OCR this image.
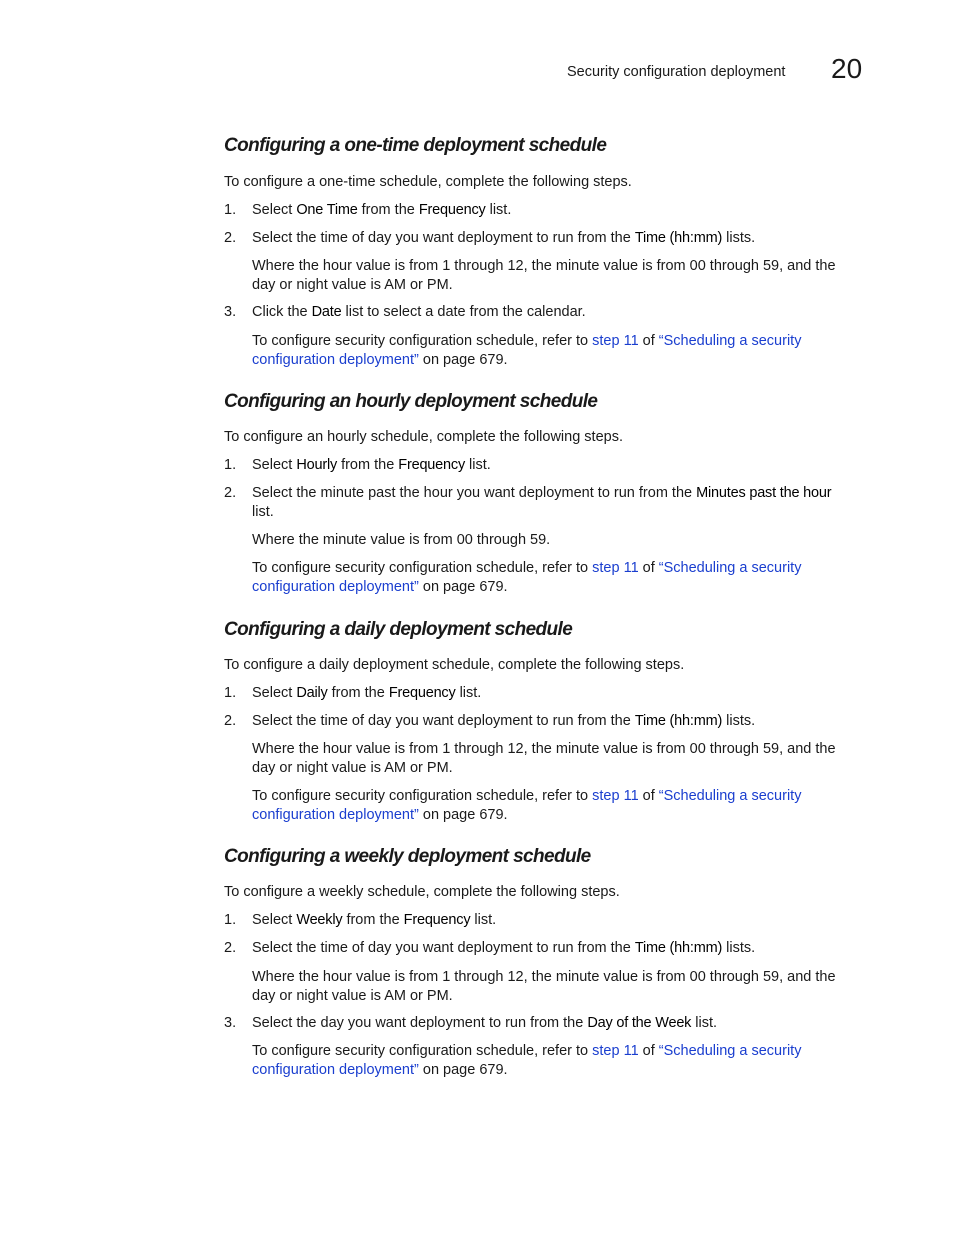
Security configuration deployment 20
Configuring a one-time deployment schedule
To configure a one-time schedule, complete the following steps.
1. Select One Time from the Frequency list.
2. Select the time of day you want deployment to run from the Time (hh:mm) lists.
Where the hour value is from 1 through 12, the minute value is from 00 through 59, and the
day or night value is AM or PM.
3. Click the Date list to select a date from the calendar.
To configure security configuration schedule, refer to step 11 of “Scheduling a security
configuration deployment” on page 679.
Configuring an hourly deployment schedule
To configure an hourly schedule, complete the following steps.
1. Select Hourly from the Frequency list.
2. Select the minute past the hour you want deployment to run from the Minutes past the hour
list.
Where the minute value is from 00 through 59.
To configure security configuration schedule, refer to step 11 of “Scheduling a security
configuration deployment” on page 679.
Configuring a daily deployment schedule
To configure a daily deployment schedule, complete the following steps.
1. Select Daily from the Frequency list.
2. Select the time of day you want deployment to run from the Time (hh:mm) lists.
Where the hour value is from 1 through 12, the minute value is from 00 through 59, and the
day or night value is AM or PM.
To configure security configuration schedule, refer to step 11 of “Scheduling a security
configuration deployment” on page 679.
Configuring a weekly deployment schedule
To configure a weekly schedule, complete the following steps.
1. Select Weekly from the Frequency list.
2. Select the time of day you want deployment to run from the Time (hh:mm) lists.
Where the hour value is from 1 through 12, the minute value is from 00 through 59, and the
day or night value is AM or PM.
3. Select the day you want deployment to run from the Day of the Week list.
To configure security configuration schedule, refer to step 11 of “Scheduling a security
configuration deployment” on page 679.
